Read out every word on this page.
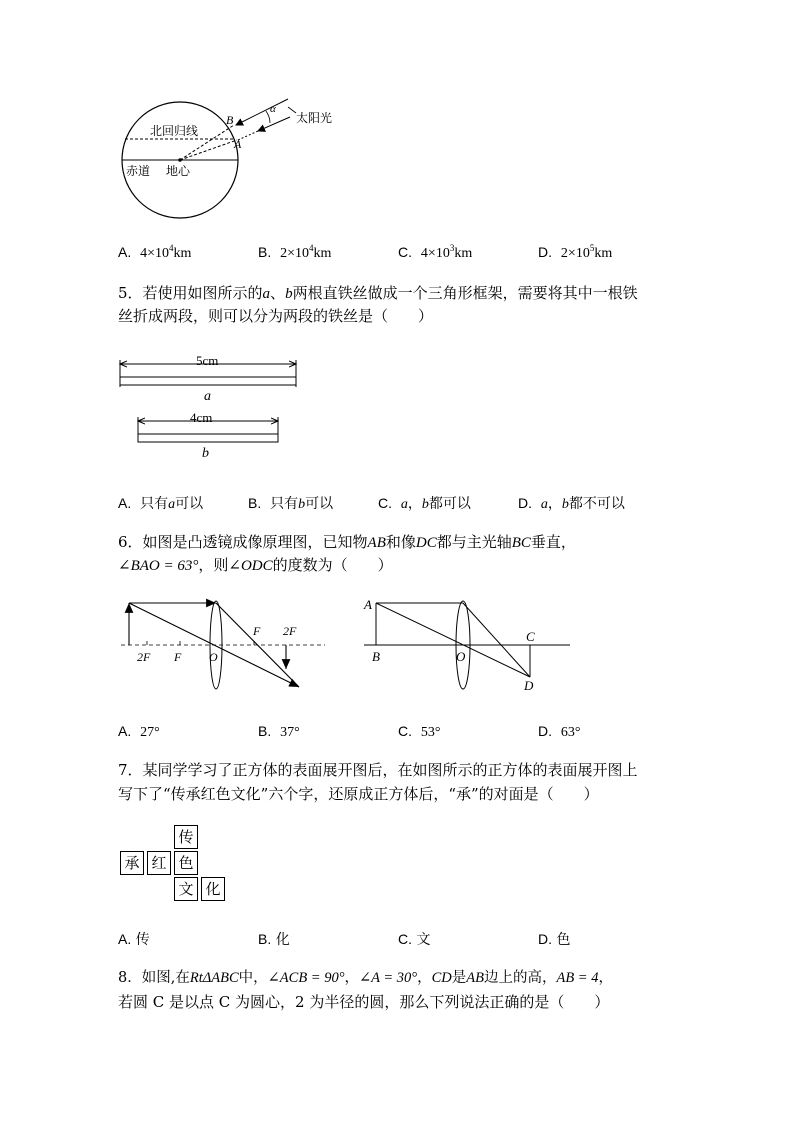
α
B
A
太阳光
北回归线
赤道 地心
A. $4\times 10^4km$	B. $2\times 10^4km$	C. $4\times 10^3km$	D. $2\times 10^5km$
5．若使用如图所示的a、b两根直铁丝做成一个三角形框架，需要将其中一根铁
丝折成两段，则可以分为两段的铁丝是（　　）
5cm
a
4cm
b
A. 只有a可以	B. 只有b可以	C. a，b都可以	D. a，b都不可以
6．如图是凸透镜成像原理图，已知物AB和像DC都与主光轴BC垂直，
∠BAO = 63°，则∠ODC的度数为（　　）
2F F O
F 2F
A
B	O
C
D
A. 27°	B. 37°	C. 53°	D. 63°
7．某同学学习了正方体的表面展开图后，在如图所示的正方体的表面展开图上
写下了“传承红色文化”六个字，还原成正方体后，“承”的对面是（　　）
传
承 红 色
文 化
A. 传	B. 化	C. 文	D. 色
8．如图,在RtΔABC中，∠ACB = 90°，∠A = 30°，CD是AB边上的高，AB = 4，
若圆 C 是以点 C 为圆心，2 为半径的圆，那么下列说法正确的是（　　）
